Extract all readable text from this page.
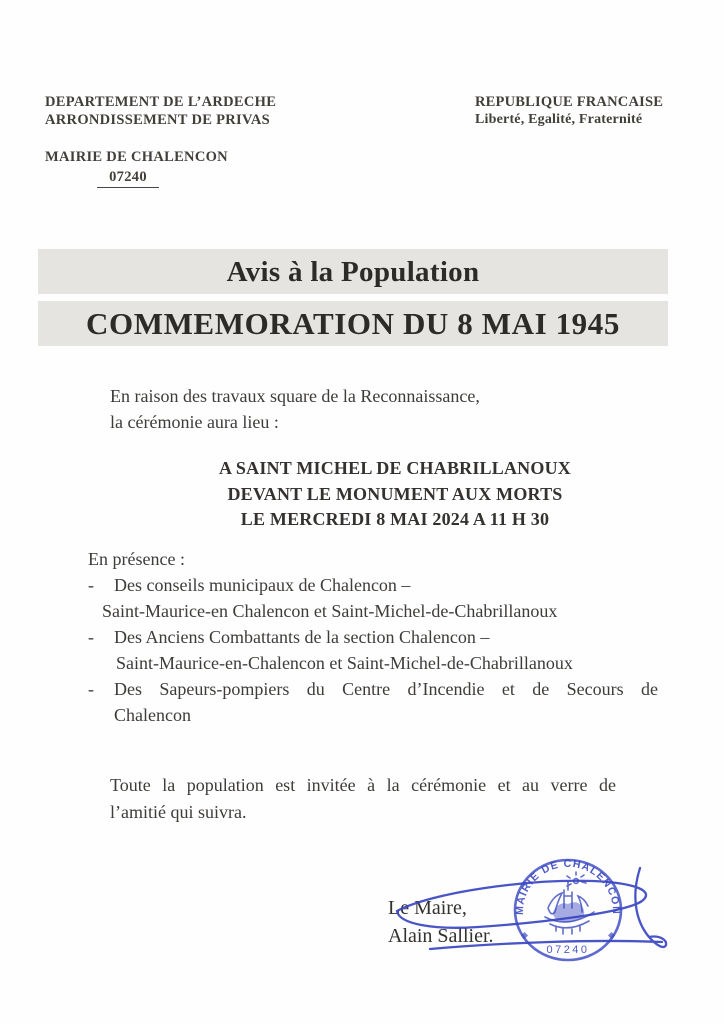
DEPARTEMENT DE L’ARDECHE
ARRONDISSEMENT DE PRIVAS
MAIRIE DE CHALENCON
07240
REPUBLIQUE FRANCAISE
Liberté, Egalité, Fraternité
Avis à la Population
COMMEMORATION DU 8 MAI 1945
En raison des travaux square de la Reconnaissance,
la cérémonie aura lieu :
A SAINT MICHEL DE CHABRILLANOUX
DEVANT LE MONUMENT AUX MORTS
LE MERCREDI 8 MAI 2024 A 11 H 30
En présence :
-	Des conseils municipaux de Chalencon –
Saint-Maurice-en Chalencon et Saint-Michel-de-Chabrillanoux
-	Des Anciens Combattants de la section Chalencon –
Saint-Maurice-en-Chalencon et Saint-Michel-de-Chabrillanoux
-	Des Sapeurs-pompiers du Centre d’Incendie et de Secours de
Chalencon
Toute la population est invitée à la cérémonie et au verre de
l’amitié qui suivra.
Le Maire,
Alain Sallier.
MAIRIE DE CHALENCON
07240
